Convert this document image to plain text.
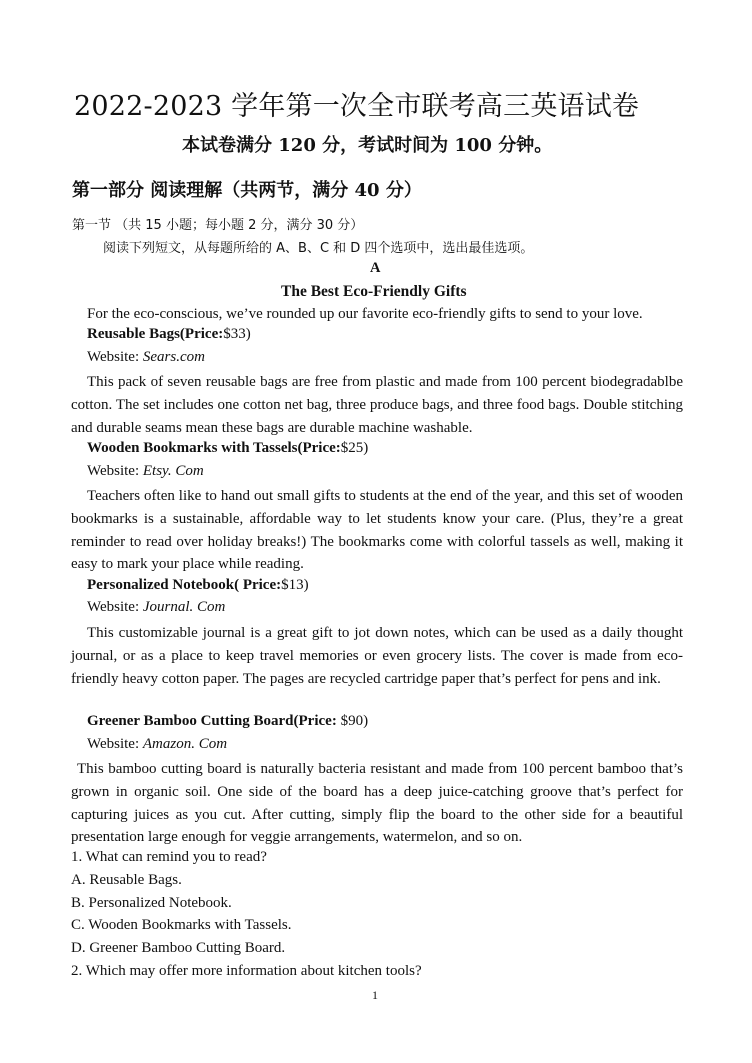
2022-2023 学年第一次全市联考高三英语试卷
本试卷满分 120 分，考试时间为 100 分钟。
第一部分 阅读理解（共两节，满分 40 分）
第一节 （共 15 小题；每小题 2 分，满分 30 分）
阅读下列短文，从每题所给的 A、B、C 和 D 四个选项中，选出最佳选项。
A
The Best Eco-Friendly Gifts
For the eco-conscious, we’ve rounded up our favorite eco-friendly gifts to send to your love.
Reusable Bags(Price:$33)
Website: Sears.com
This pack of seven reusable bags are free from plastic and made from 100 percent biodegradablbe cotton. The set includes one cotton net bag, three produce bags, and three food bags. Double stitching and durable seams mean these bags are durable machine washable.
Wooden Bookmarks with Tassels(Price:$25)
Website: Etsy. Com
Teachers often like to hand out small gifts to students at the end of the year, and this set of wooden bookmarks is a sustainable, affordable way to let students know your care. (Plus, they’re a great reminder to read over holiday breaks!) The bookmarks come with colorful tassels as well, making it easy to mark your place while reading.
Personalized Notebook( Price:$13)
Website: Journal. Com
This customizable journal is a great gift to jot down notes, which can be used as a daily thought journal, or as a place to keep travel memories or even grocery lists. The cover is made from eco-friendly heavy cotton paper. The pages are recycled cartridge paper that’s perfect for pens and ink.
Greener Bamboo Cutting Board(Price: $90)
Website: Amazon. Com
This bamboo cutting board is naturally bacteria resistant and made from 100 percent bamboo that’s grown in organic soil. One side of the board has a deep juice-catching groove that’s perfect for capturing juices as you cut. After cutting, simply flip the board to the other side for a beautiful presentation large enough for veggie arrangements, watermelon, and so on.
1. What can remind you to read?
A. Reusable Bags.
B. Personalized Notebook.
C. Wooden Bookmarks with Tassels.
D. Greener Bamboo Cutting Board.
2. Which may offer more information about kitchen tools?
1
